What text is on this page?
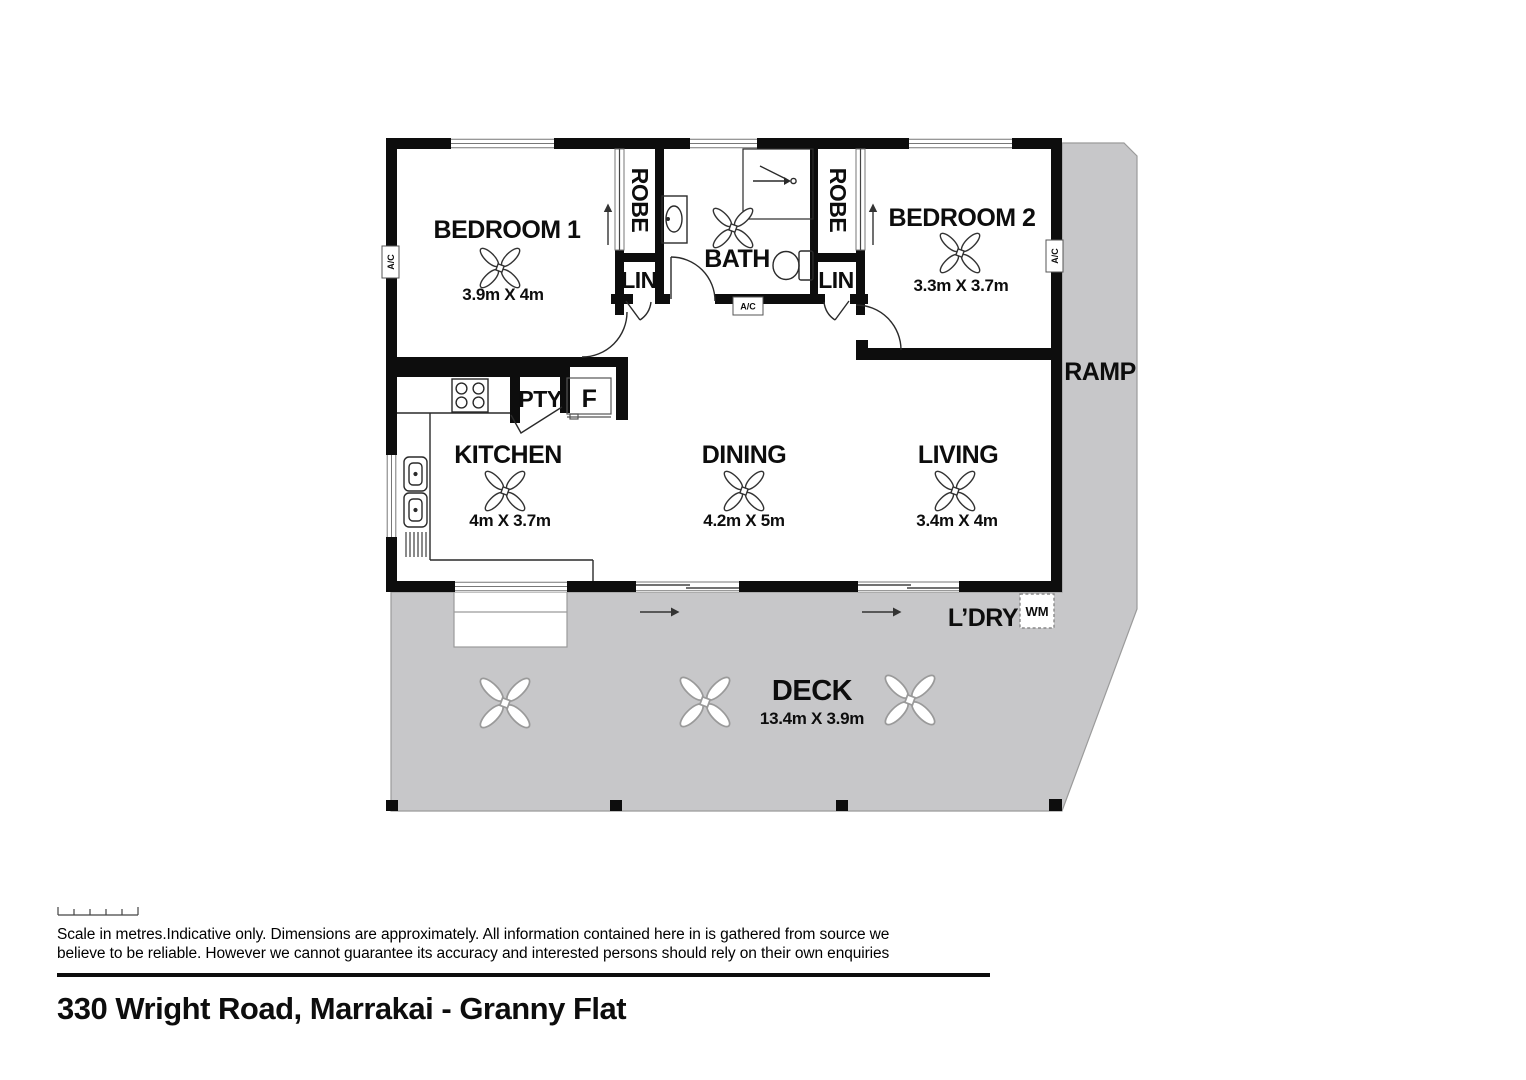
A/C	A/C
A/C
WM
BEDROOM 1
3.9m X 4m
BEDROOM 2
3.3m X 3.7m
BATH
KITCHEN
4m X 3.7m
DINING
4.2m X 5m
LIVING
3.4m X 4m
ROBE	ROBE
LIN	LIN
PTY F
DECK
13.4m X 3.9m
L’DRY
RAMP
Scale in metres.Indicative only. Dimensions are approximately. All information contained here in is gathered from source we
believe to be reliable. However we cannot guarantee its accuracy and interested persons should rely on their own enquiries
330 Wright Road, Marrakai - Granny Flat
